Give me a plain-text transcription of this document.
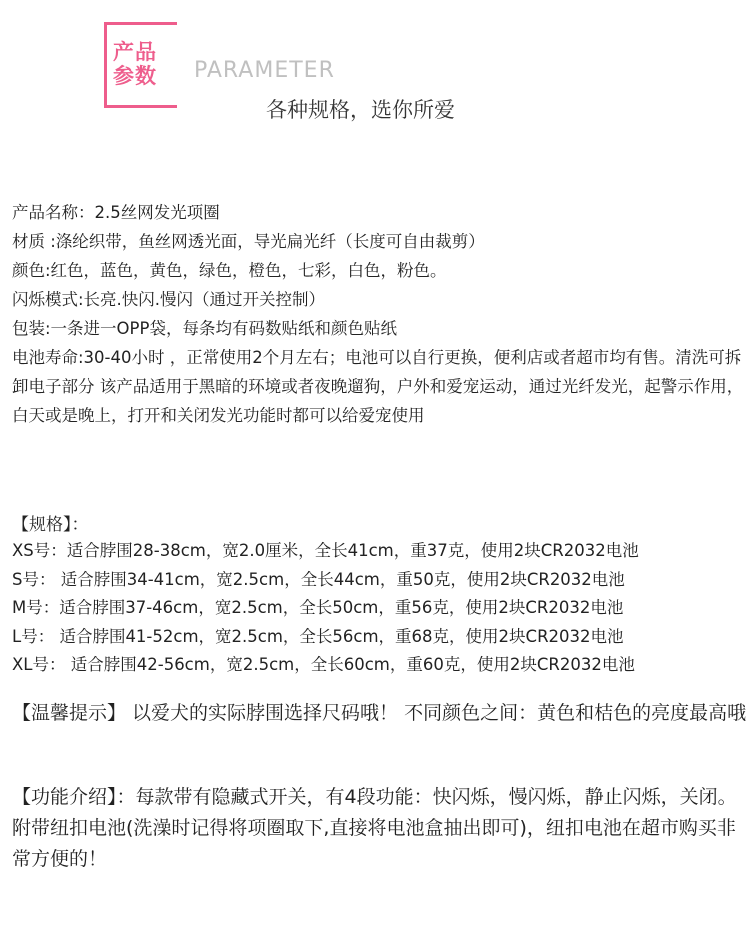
产品
参数 PARAMETER
各种规格，选你所爱

产品名称：2.5丝网发光项圈

材质 :涤纶织带，鱼丝网透光面，导光扁光纤（长度可自由裁剪）

颜色:红色，蓝色，黄色，绿色，橙色，七彩，白色，粉色。

闪烁模式:长亮.快闪.慢闪（通过开关控制）

包装:一条进一OPP袋，每条均有码数贴纸和颜色贴纸

电池寿命:30-40小时 ，正常使用2个月左右；电池可以自行更换，便利店或者超市均有售。清洗可拆卸电子部分 该产品适用于黑暗的环境或者夜晚遛狗，户外和爱宠运动，通过光纤发光，起警示作用，白天或是晚上，打开和关闭发光功能时都可以给爱宠使用

【规格】：
XS号：适合脖围28-38cm，宽2.0厘米，全长41cm，重37克，使用2块CR2032电池
S号： 适合脖围34-41cm，宽2.5cm，全长44cm，重50克，使用2块CR2032电池
M号：适合脖围37-46cm，宽2.5cm，全长50cm，重56克，使用2块CR2032电池
L号： 适合脖围41-52cm，宽2.5cm，全长56cm，重68克，使用2块CR2032电池
XL号： 适合脖围42-56cm，宽2.5cm，全长60cm，重60克，使用2块CR2032电池
【温馨提示】 以爱犬的实际脖围选择尺码哦！ 不同颜色之间：黄色和桔色的亮度最高哦

【功能介绍】：每款带有隐藏式开关，有4段功能：快闪烁，慢闪烁，静止闪烁，关闭。

附带纽扣电池(洗澡时记得将项圈取下,直接将电池盒抽出即可)，纽扣电池在超市购买非常方便的！
